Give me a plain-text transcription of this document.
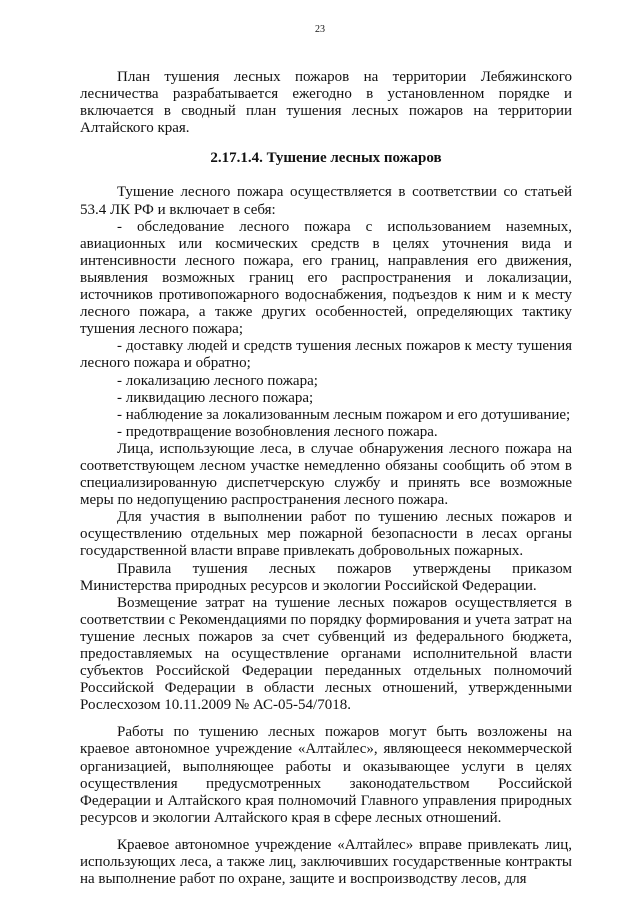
23

План тушения лесных пожаров на территории Лебяжинского лесничества разрабатывается ежегодно в установленном порядке и включается в сводный план тушения лесных пожаров на территории Алтайского края.

2.17.1.4. Тушение лесных пожаров

Тушение лесного пожара осуществляется в соответствии со статьей 53.4 ЛК РФ и включает в себя:

- обследование лесного пожара с использованием наземных, авиационных или космических средств в целях уточнения вида и интенсивности лесного пожара, его границ, направления его движения, выявления возможных границ его распространения и локализации, источников противопожарного водоснабжения, подъездов к ним и к месту лесного пожара, а также других особенностей, определяющих тактику тушения лесного пожара;

- доставку людей и средств тушения лесных пожаров к месту тушения лесного пожара и обратно;

- локализацию лесного пожара;

- ликвидацию лесного пожара;

- наблюдение за локализованным лесным пожаром и его дотушивание;

- предотвращение возобновления лесного пожара.

Лица, использующие леса, в случае обнаружения лесного пожара на соответствующем лесном участке немедленно обязаны сообщить об этом в специализированную диспетчерскую службу и принять все возможные меры по недопущению распространения лесного пожара.

Для участия в выполнении работ по тушению лесных пожаров и осуществлению отдельных мер пожарной безопасности в лесах органы государственной власти вправе привлекать добровольных пожарных.

Правила тушения лесных пожаров утверждены приказом Министерства природных ресурсов и экологии Российской Федерации.

Возмещение затрат на тушение лесных пожаров осуществляется в соответствии с Рекомендациями по порядку формирования и учета затрат на тушение лесных пожаров за счет субвенций из федерального бюджета, предоставляемых на осуществление органами исполнительной власти субъектов Российской Федерации переданных отдельных полномочий Российской Федерации в области лесных отношений, утвержденными Рослесхозом 10.11.2009 № АС-05-54/7018.

Работы по тушению лесных пожаров могут быть возложены на краевое автономное учреждение «Алтайлес», являющееся некоммерческой организацией, выполняющее работы и оказывающее услуги в целях осуществления предусмотренных законодательством Российской Федерации и Алтайского края полномочий Главного управления природных ресурсов и экологии Алтайского края в сфере лесных отношений.

Краевое автономное учреждение «Алтайлес» вправе привлекать лиц, использующих леса, а также лиц, заключивших государственные контракты на выполнение работ по охране, защите и воспроизводству лесов, для
